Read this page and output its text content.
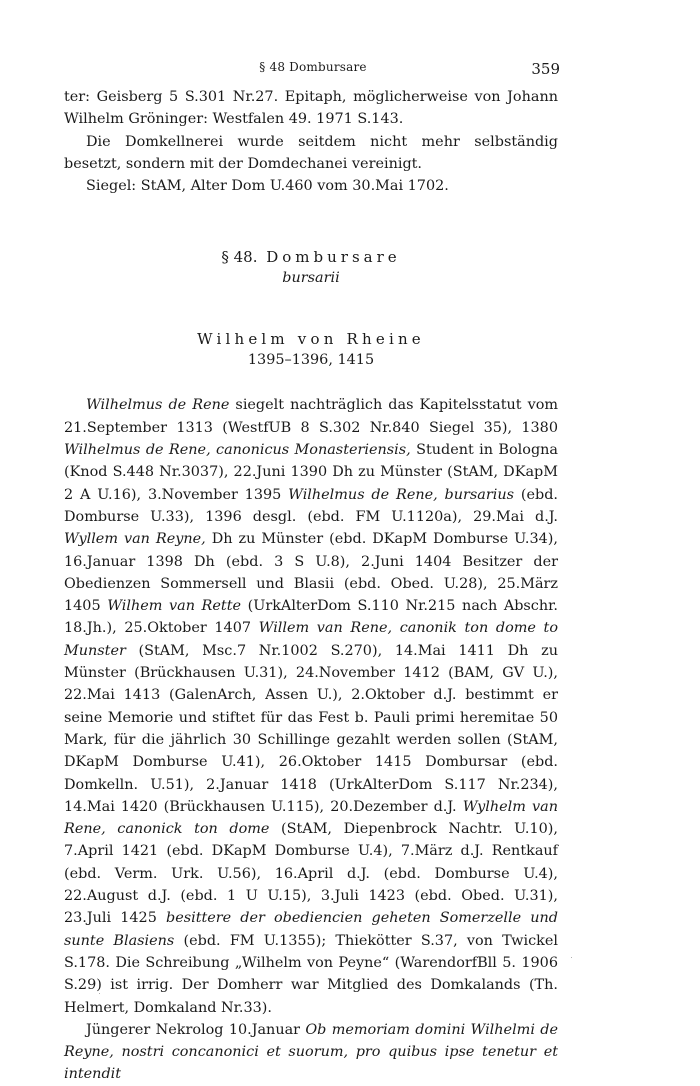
§ 48 Dombursare	359

ter: Geisberg 5 S.301 Nr.27. Epitaph, möglicherweise von Johann Wilhelm Gröninger: Westfalen 49. 1971 S.143.

Die Domkellnerei wurde seitdem nicht mehr selbständig besetzt, sondern mit der Domdechanei vereinigt.

Siegel: StAM, Alter Dom U.460 vom 30.Mai 1702.

§ 48. Dombursare
bursarii
Wilhelm von Rheine
1395–1396, 1415

Wilhelmus de Rene siegelt nachträglich das Kapitelsstatut vom 21.September 1313 (WestfUB 8 S.302 Nr.840 Siegel 35), 1380 Wilhelmus de Rene, canonicus Monasteriensis, Student in Bologna (Knod S.448 Nr.3037), 22.Juni 1390 Dh zu Münster (StAM, DKapM 2 A U.16), 3.November 1395 Wilhelmus de Rene, bursarius (ebd. Domburse U.33), 1396 desgl. (ebd. FM U.1120a), 29.Mai d.J. Wyllem van Reyne, Dh zu Münster (ebd. DKapM Domburse U.34), 16.Januar 1398 Dh (ebd. 3 S U.8), 2.Juni 1404 Besitzer der Obedienzen Sommersell und Blasii (ebd. Obed. U.28), 25.März 1405 Wilhem van Rette (UrkAlterDom S.110 Nr.215 nach Abschr. 18.Jh.), 25.Oktober 1407 Willem van Rene, canonik ton dome to Munster (StAM, Msc.7 Nr.1002 S.270), 14.Mai 1411 Dh zu Münster (Brückhausen U.31), 24.November 1412 (BAM, GV U.), 22.Mai 1413 (GalenArch, Assen U.), 2.Oktober d.J. bestimmt er seine Memorie und stiftet für das Fest b. Pauli primi heremitae 50 Mark, für die jährlich 30 Schillinge gezahlt werden sollen (StAM, DKapM Domburse U.41), 26.Oktober 1415 Dombursar (ebd. Domkelln. U.51), 2.Januar 1418 (UrkAlterDom S.117 Nr.234), 14.Mai 1420 (Brückhausen U.115), 20.Dezember d.J. Wylhelm van Rene, canonick ton dome (StAM, Diepenbrock Nachtr. U.10), 7.April 1421 (ebd. DKapM Domburse U.4), 7.März d.J. Rentkauf (ebd. Verm. Urk. U.56), 16.April d.J. (ebd. Domburse U.4), 22.August d.J. (ebd. 1 U U.15), 3.Juli 1423 (ebd. Obed. U.31), 23.Juli 1425 besittere der obediencien geheten Somerzelle und sunte Blasiens (ebd. FM U.1355); Thiekötter S.37, von Twickel S.178. Die Schreibung „Wilhelm von Peyne“ (WarendorfBll 5. 1906 S.29) ist irrig. Der Domherr war Mitglied des Domkalands (Th. Helmert, Domkaland Nr.33).

Jüngerer Nekrolog 10.Januar Ob memoriam domini Wilhelmi de Reyne, nostri concanonici et suorum, pro quibus ipse tenetur et intendit
